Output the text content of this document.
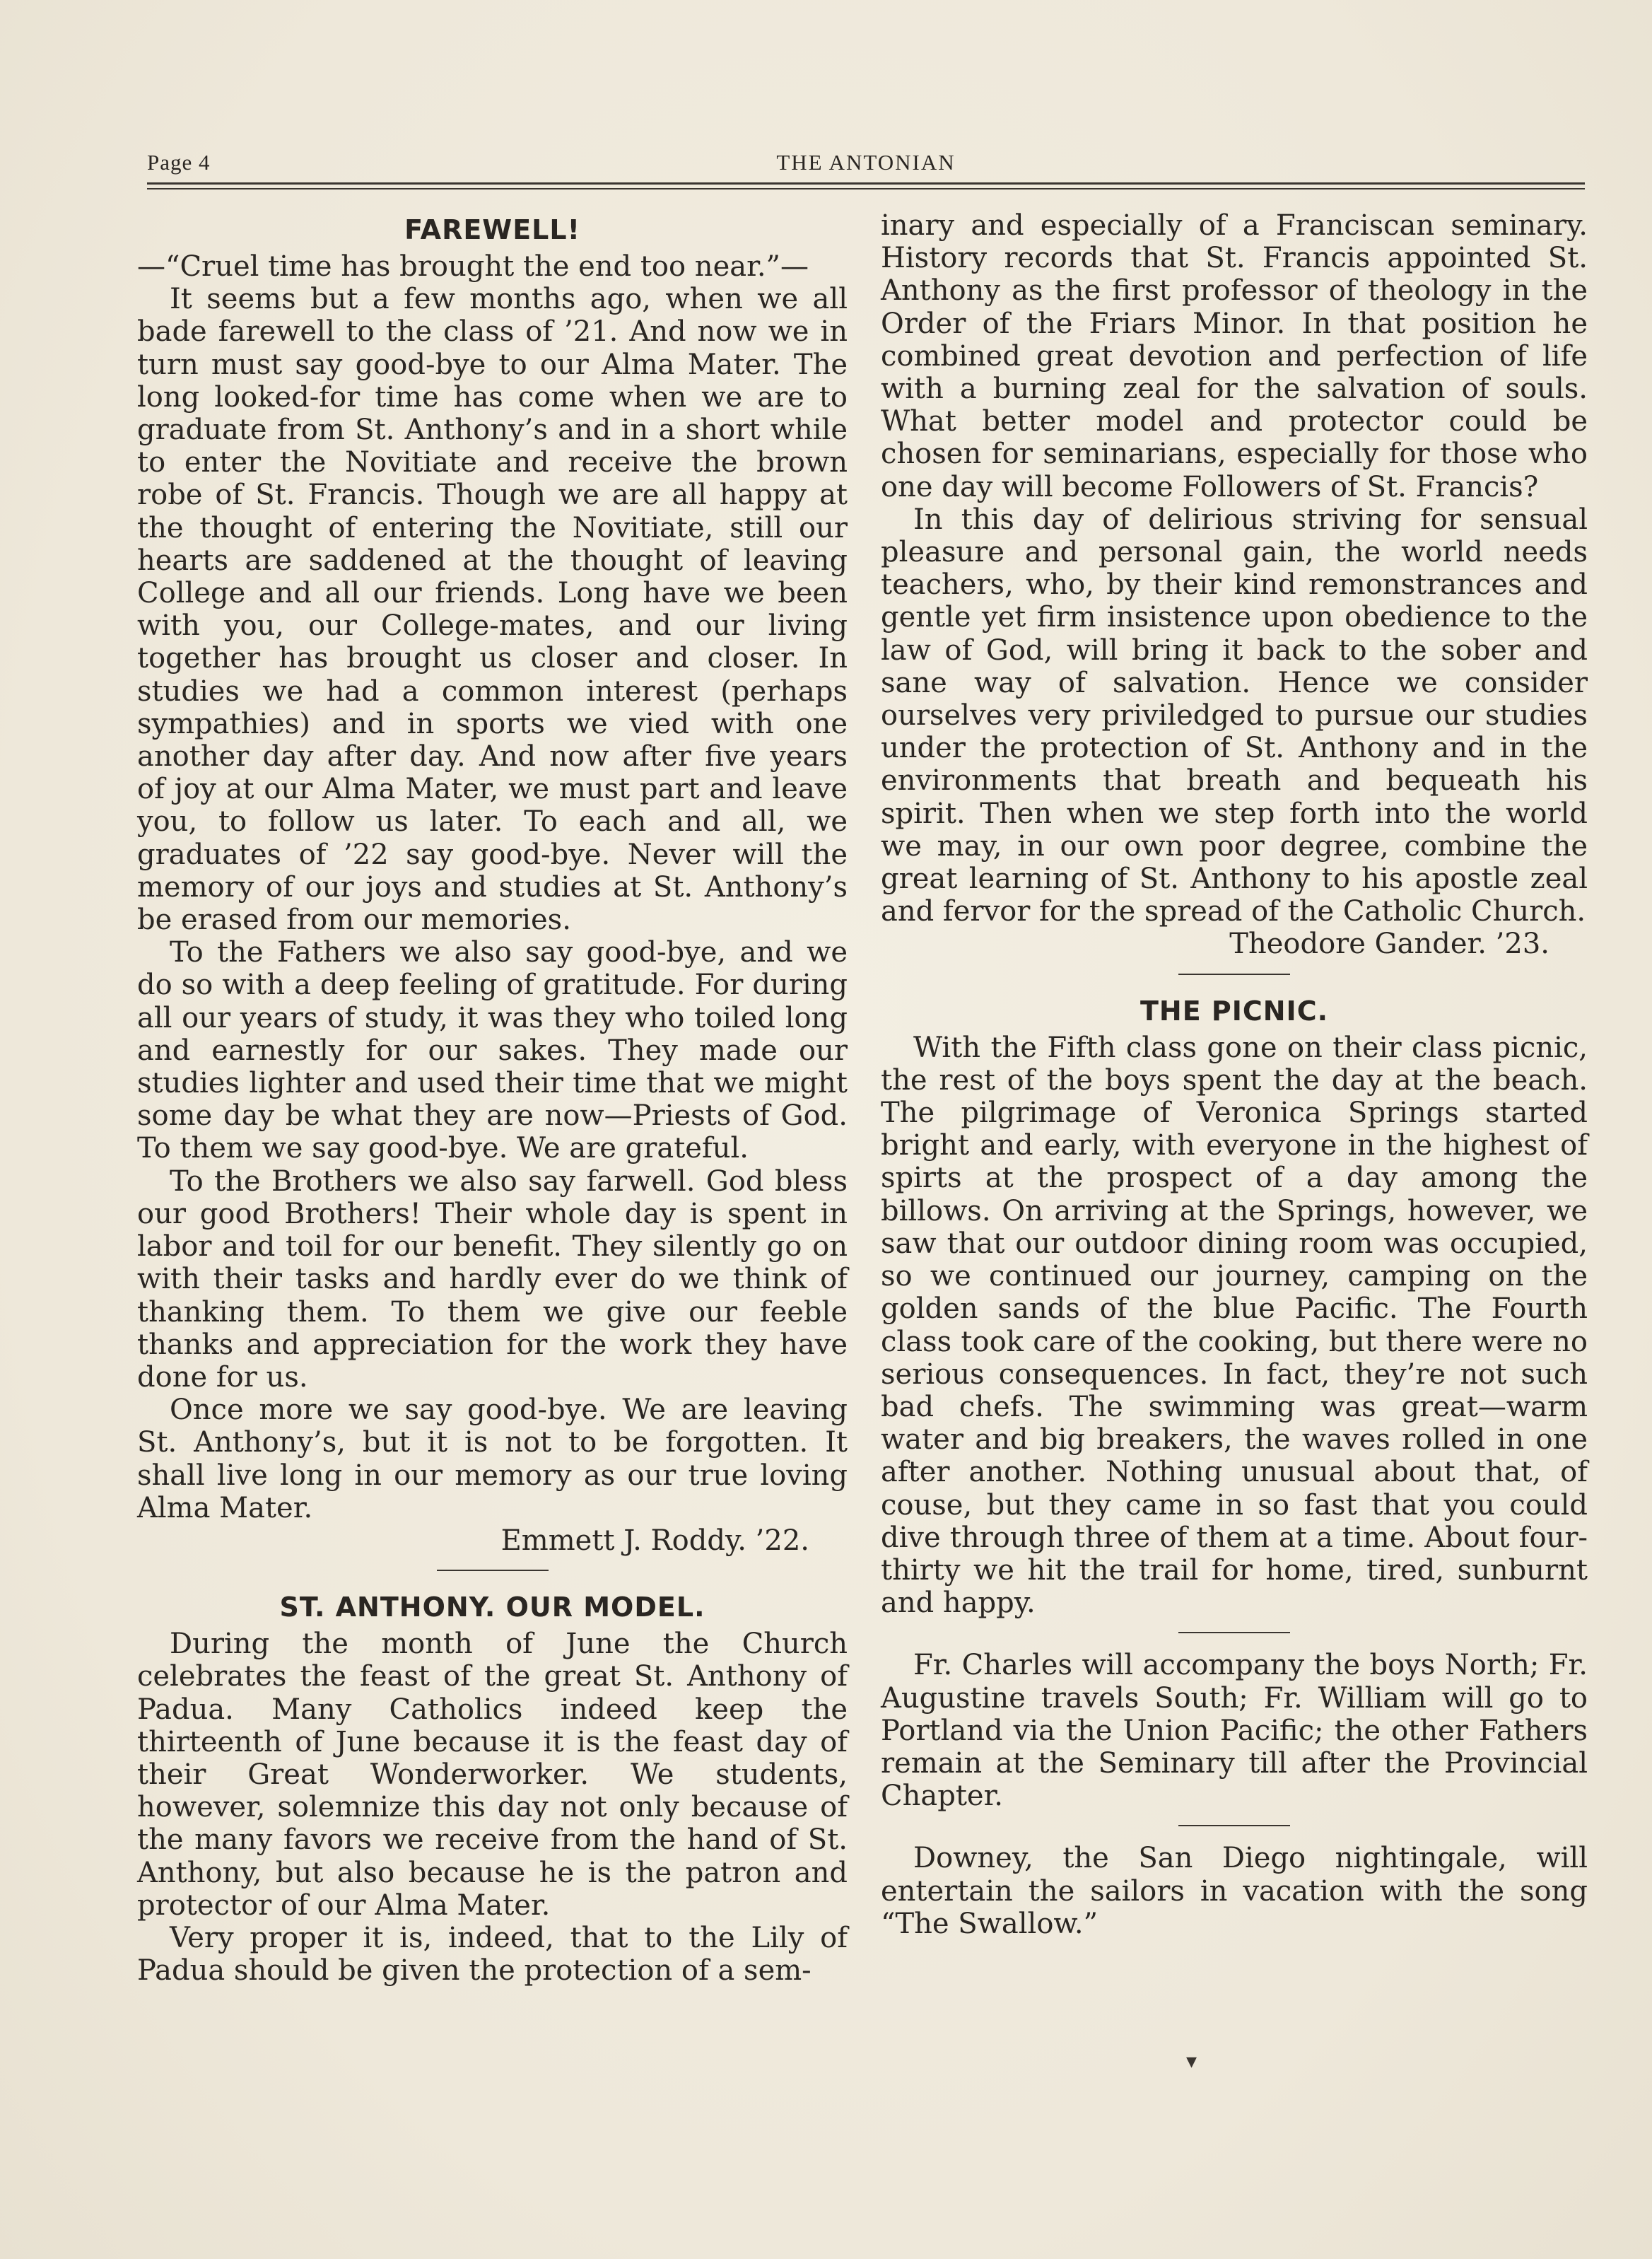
Page 4	THE ANTONIAN
FAREWELL!

—“Cruel time has brought the end too near.”—

It seems but a few months ago, when we all bade farewell to the class of ’21. And now we in turn must say good-bye to our Alma Mater. The long looked-for time has come when we are to graduate from St. Anthony’s and in a short while to enter the Novitiate and receive the brown robe of St. Francis. Though we are all happy at the thought of entering the Novitiate, still our hearts are saddened at the thought of leaving College and all our friends. Long have we been with you, our College-mates, and our living together has brought us closer and closer. In studies we had a common interest (perhaps sympathies) and in sports we vied with one another day after day. And now after five years of joy at our Alma Mater, we must part and leave you, to follow us later. To each and all, we graduates of ’22 say good-bye. Never will the memory of our joys and studies at St. Anthony’s be erased from our memories.

To the Fathers we also say good-bye, and we do so with a deep feeling of gratitude. For during all our years of study, it was they who toiled long and earnestly for our sakes. They made our studies lighter and used their time that we might some day be what they are now—Priests of God. To them we say good-bye. We are grateful.

To the Brothers we also say farwell. God bless our good Brothers! Their whole day is spent in labor and toil for our benefit. They silently go on with their tasks and hardly ever do we think of thanking them. To them we give our feeble thanks and appreciation for the work they have done for us.

Once more we say good-bye. We are leaving St. Anthony’s, but it is not to be forgotten. It shall live long in our memory as our true loving Alma Mater.

Emmett J. Roddy. ’22.

ST. ANTHONY. OUR MODEL.

During the month of June the Church celebrates the feast of the great St. Anthony of Padua. Many Catholics indeed keep the thirteenth of June because it is the feast day of their Great Wonderworker. We students, however, solemnize this day not only because of the many favors we receive from the hand of St. Anthony, but also because he is the patron and protector of our Alma Mater.

Very proper it is, indeed, that to the Lily of Padua should be given the protection of a sem-

inary and especially of a Franciscan seminary. History records that St. Francis appointed St. Anthony as the first professor of theology in the Order of the Friars Minor. In that position he combined great devotion and perfection of life with a burning zeal for the salvation of souls. What better model and protector could be chosen for seminarians, especially for those who one day will become Followers of St. Francis?

In this day of delirious striving for sensual pleasure and personal gain, the world needs teachers, who, by their kind remonstrances and gentle yet firm insistence upon obedience to the law of God, will bring it back to the sober and sane way of salvation. Hence we consider ourselves very priviledged to pursue our studies under the protection of St. Anthony and in the environments that breath and bequeath his spirit. Then when we step forth into the world we may, in our own poor degree, combine the great learning of St. Anthony to his apostle zeal and fervor for the spread of the Catholic Church.

Theodore Gander. ’23.

THE PICNIC.

With the Fifth class gone on their class picnic, the rest of the boys spent the day at the beach. The pilgrimage of Veronica Springs started bright and early, with everyone in the highest of spirts at the prospect of a day among the billows. On arriving at the Springs, however, we saw that our outdoor dining room was occupied, so we continued our journey, camping on the golden sands of the blue Pacific. The Fourth class took care of the cooking, but there were no serious consequences. In fact, they’re not such bad chefs. The swimming was great—warm water and big breakers, the waves rolled in one after another. Nothing unusual about that, of couse, but they came in so fast that you could dive through three of them at a time. About four-thirty we hit the trail for home, tired, sunburnt and happy.

Fr. Charles will accompany the boys North; Fr. Augustine travels South; Fr. William will go to Portland via the Union Pacific; the other Fathers remain at the Seminary till after the Provincial Chapter.

Downey, the San Diego nightingale, will entertain the sailors in vacation with the song “The Swallow.”

▾
